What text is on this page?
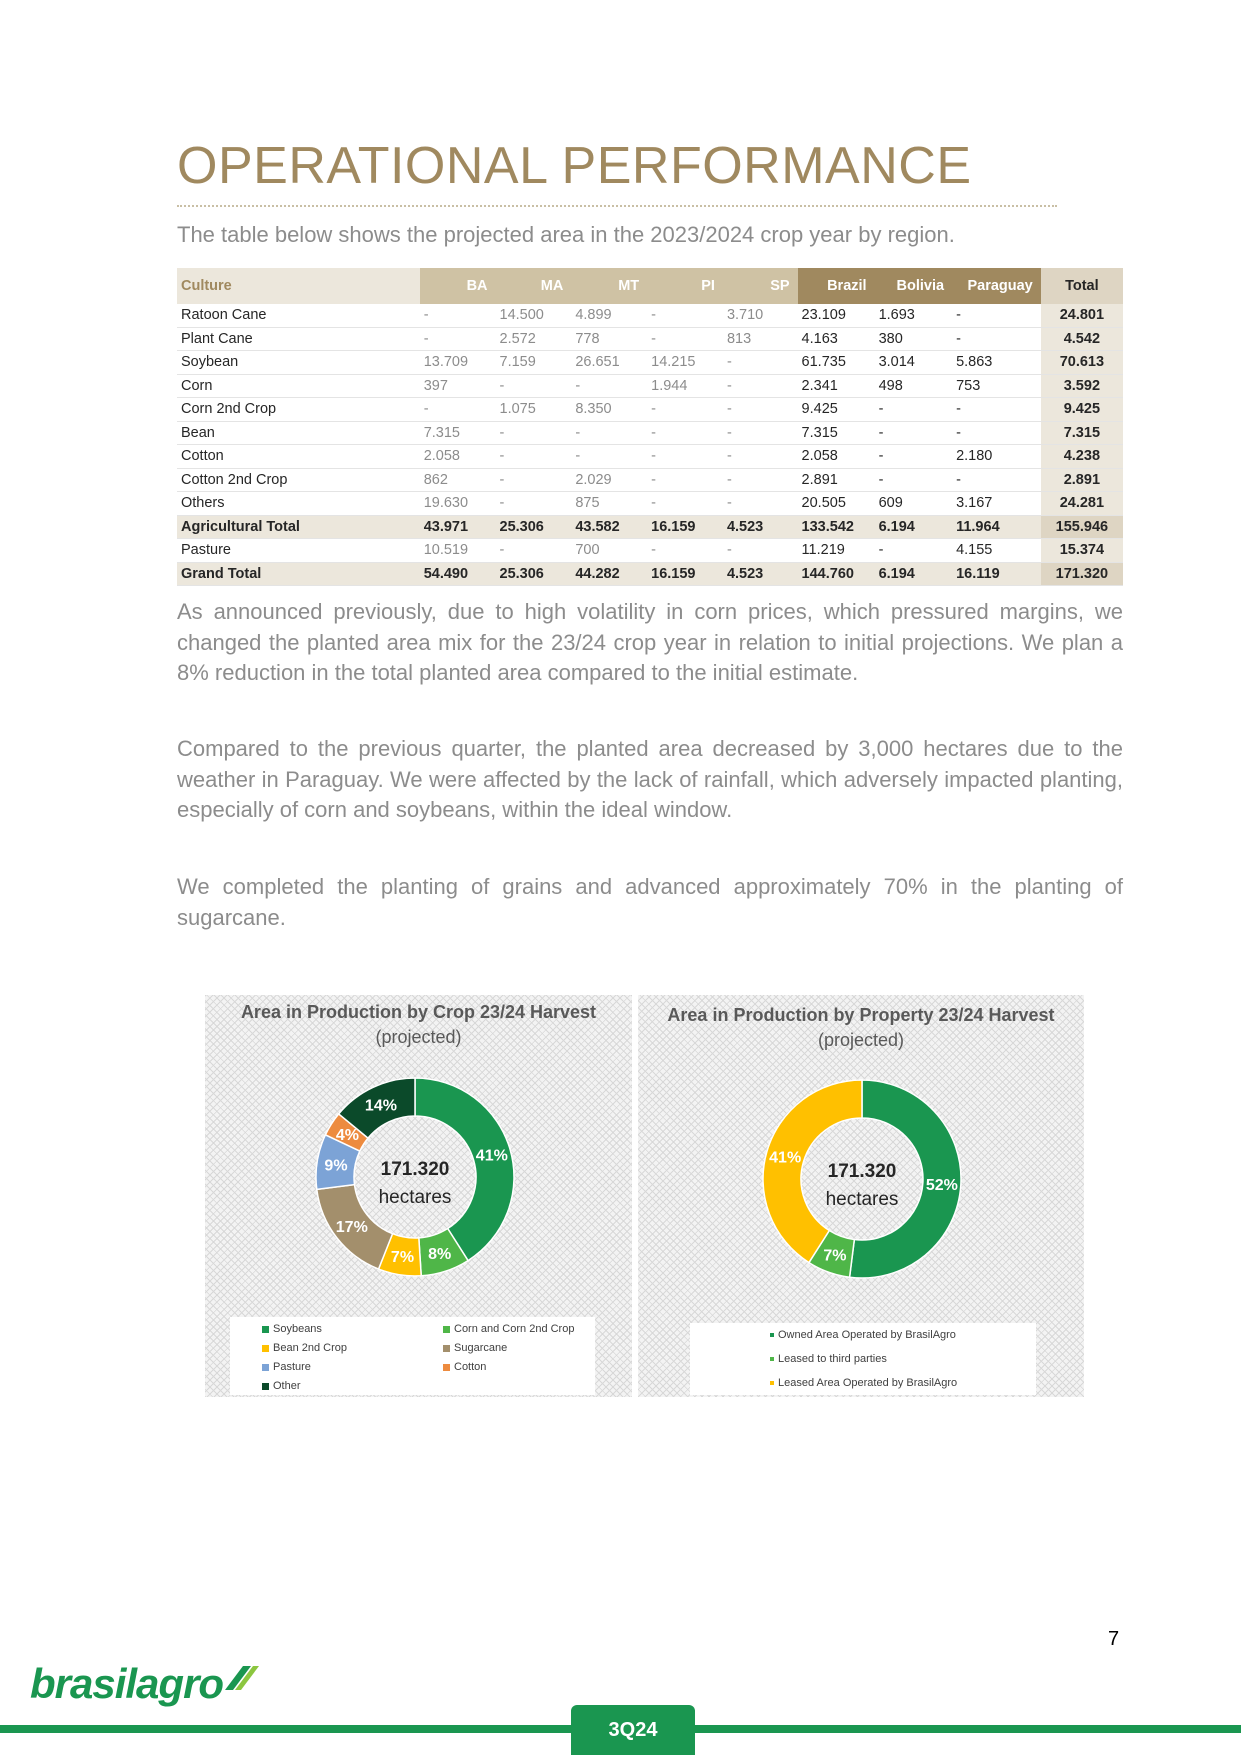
OPERATIONAL PERFORMANCE
The table below shows the projected area in the 2023/2024 crop year by region.
Culture	BA	MA	MT	PI	SP	Brazil	Bolivia	Paraguay	Total
Ratoon Cane	-	14.500	4.899	-	3.710	23.109	1.693	-	24.801
Plant Cane	-	2.572	778	-	813	4.163	380	-	4.542
Soybean	13.709	7.159	26.651	14.215	-	61.735	3.014	5.863	70.613
Corn	397	-	-	1.944	-	2.341	498	753	3.592
Corn 2nd Crop	-	1.075	8.350	-	-	9.425	-	-	9.425
Bean	7.315	-	-	-	-	7.315	-	-	7.315
Cotton	2.058	-	-	-	-	2.058	-	2.180	4.238
Cotton 2nd Crop	862	-	2.029	-	-	2.891	-	-	2.891
Others	19.630	-	875	-	-	20.505	609	3.167	24.281
Agricultural Total	43.971	25.306	43.582	16.159	4.523	133.542	6.194	11.964	155.946
Pasture	10.519	-	700	-	-	11.219	-	4.155	15.374
Grand Total	54.490	25.306	44.282	16.159	4.523	144.760	6.194	16.119	171.320
As announced previously, due to high volatility in corn prices, which pressured margins, we changed the planted area mix for the 23/24 crop year in relation to initial projections. We plan a 8% reduction in the total planted area compared to the initial estimate.
Compared to the previous quarter, the planted area decreased by 3,000 hectares due to the weather in Paraguay. We were affected by the lack of rainfall, which adversely impacted planting, especially of corn and soybeans, within the ideal window.
We completed the planting of grains and advanced approximately 70% in the planting of sugarcane.
Area in Production by Crop 23/24 Harvest
(projected)
41%
8%
7%
17%
9%
4%
14%
171.320
hectares
Soybeans	Corn and Corn 2nd Crop
Bean 2nd Crop	Sugarcane
Pasture	Cotton
Other
Area in Production by Property 23/24 Harvest
(projected)
52%
7%
41%
171.320
hectares
Owned Area Operated by BrasilAgro
Leased to third parties
Leased Area Operated by BrasilAgro
7
brasilagro
3Q24
